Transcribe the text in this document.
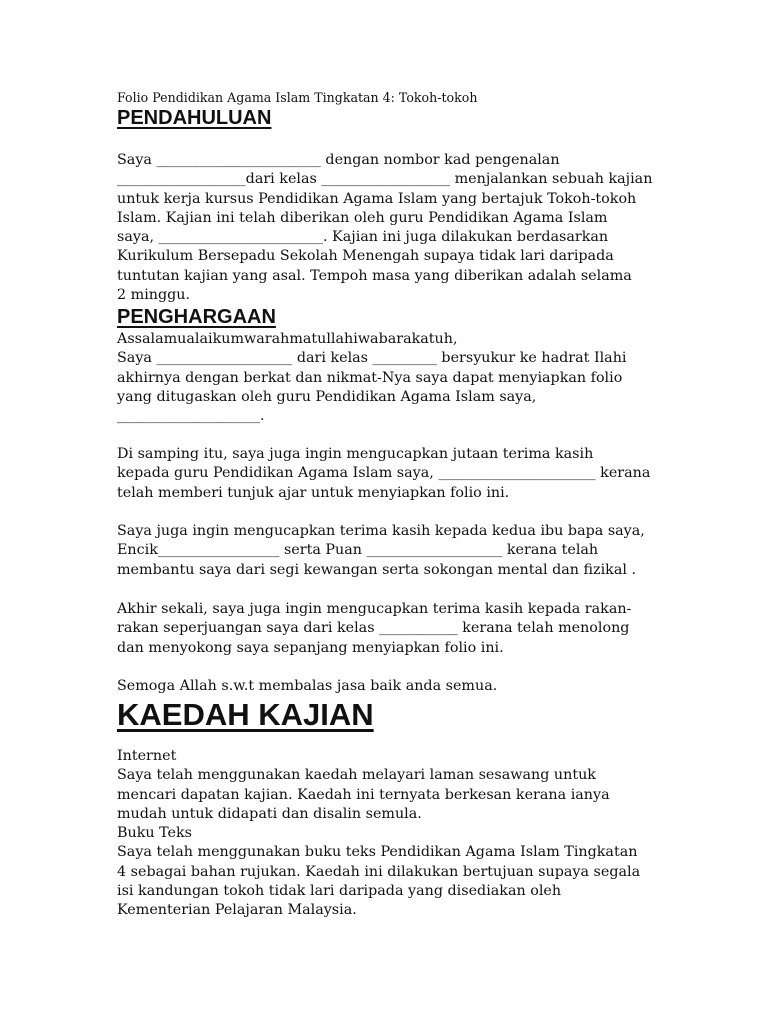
Folio Pendidikan Agama Islam Tingkatan 4: Tokoh-tokoh
PENDAHULUAN
Saya _______________________ dengan nombor kad pengenalan
__________________dari kelas __________________ menjalankan sebuah kajian
untuk kerja kursus Pendidikan Agama Islam yang bertajuk Tokoh-tokoh
Islam. Kajian ini telah diberikan oleh guru Pendidikan Agama Islam
saya, _______________________. Kajian ini juga dilakukan berdasarkan
Kurikulum Bersepadu Sekolah Menengah supaya tidak lari daripada
tuntutan kajian yang asal. Tempoh masa yang diberikan adalah selama
2 minggu.
PENGHARGAAN
Assalamualaikumwarahmatullahiwabarakatuh,
Saya ___________________ dari kelas _________ bersyukur ke hadrat Ilahi
akhirnya dengan berkat dan nikmat-Nya saya dapat menyiapkan folio
yang ditugaskan oleh guru Pendidikan Agama Islam saya,
____________________.
Di samping itu, saya juga ingin mengucapkan jutaan terima kasih
kepada guru Pendidikan Agama Islam saya, ______________________ kerana
telah memberi tunjuk ajar untuk menyiapkan folio ini.
Saya juga ingin mengucapkan terima kasih kepada kedua ibu bapa saya,
Encik_________________ serta Puan ___________________ kerana telah
membantu saya dari segi kewangan serta sokongan mental dan fizikal .
Akhir sekali, saya juga ingin mengucapkan terima kasih kepada rakan-
rakan seperjuangan saya dari kelas ___________ kerana telah menolong
dan menyokong saya sepanjang menyiapkan folio ini.
Semoga Allah s.w.t membalas jasa baik anda semua.
KAEDAH KAJIAN
Internet
Saya telah menggunakan kaedah melayari laman sesawang untuk
mencari dapatan kajian. Kaedah ini ternyata berkesan kerana ianya
mudah untuk didapati dan disalin semula.
Buku Teks
Saya telah menggunakan buku teks Pendidikan Agama Islam Tingkatan
4 sebagai bahan rujukan. Kaedah ini dilakukan bertujuan supaya segala
isi kandungan tokoh tidak lari daripada yang disediakan oleh
Kementerian Pelajaran Malaysia.
